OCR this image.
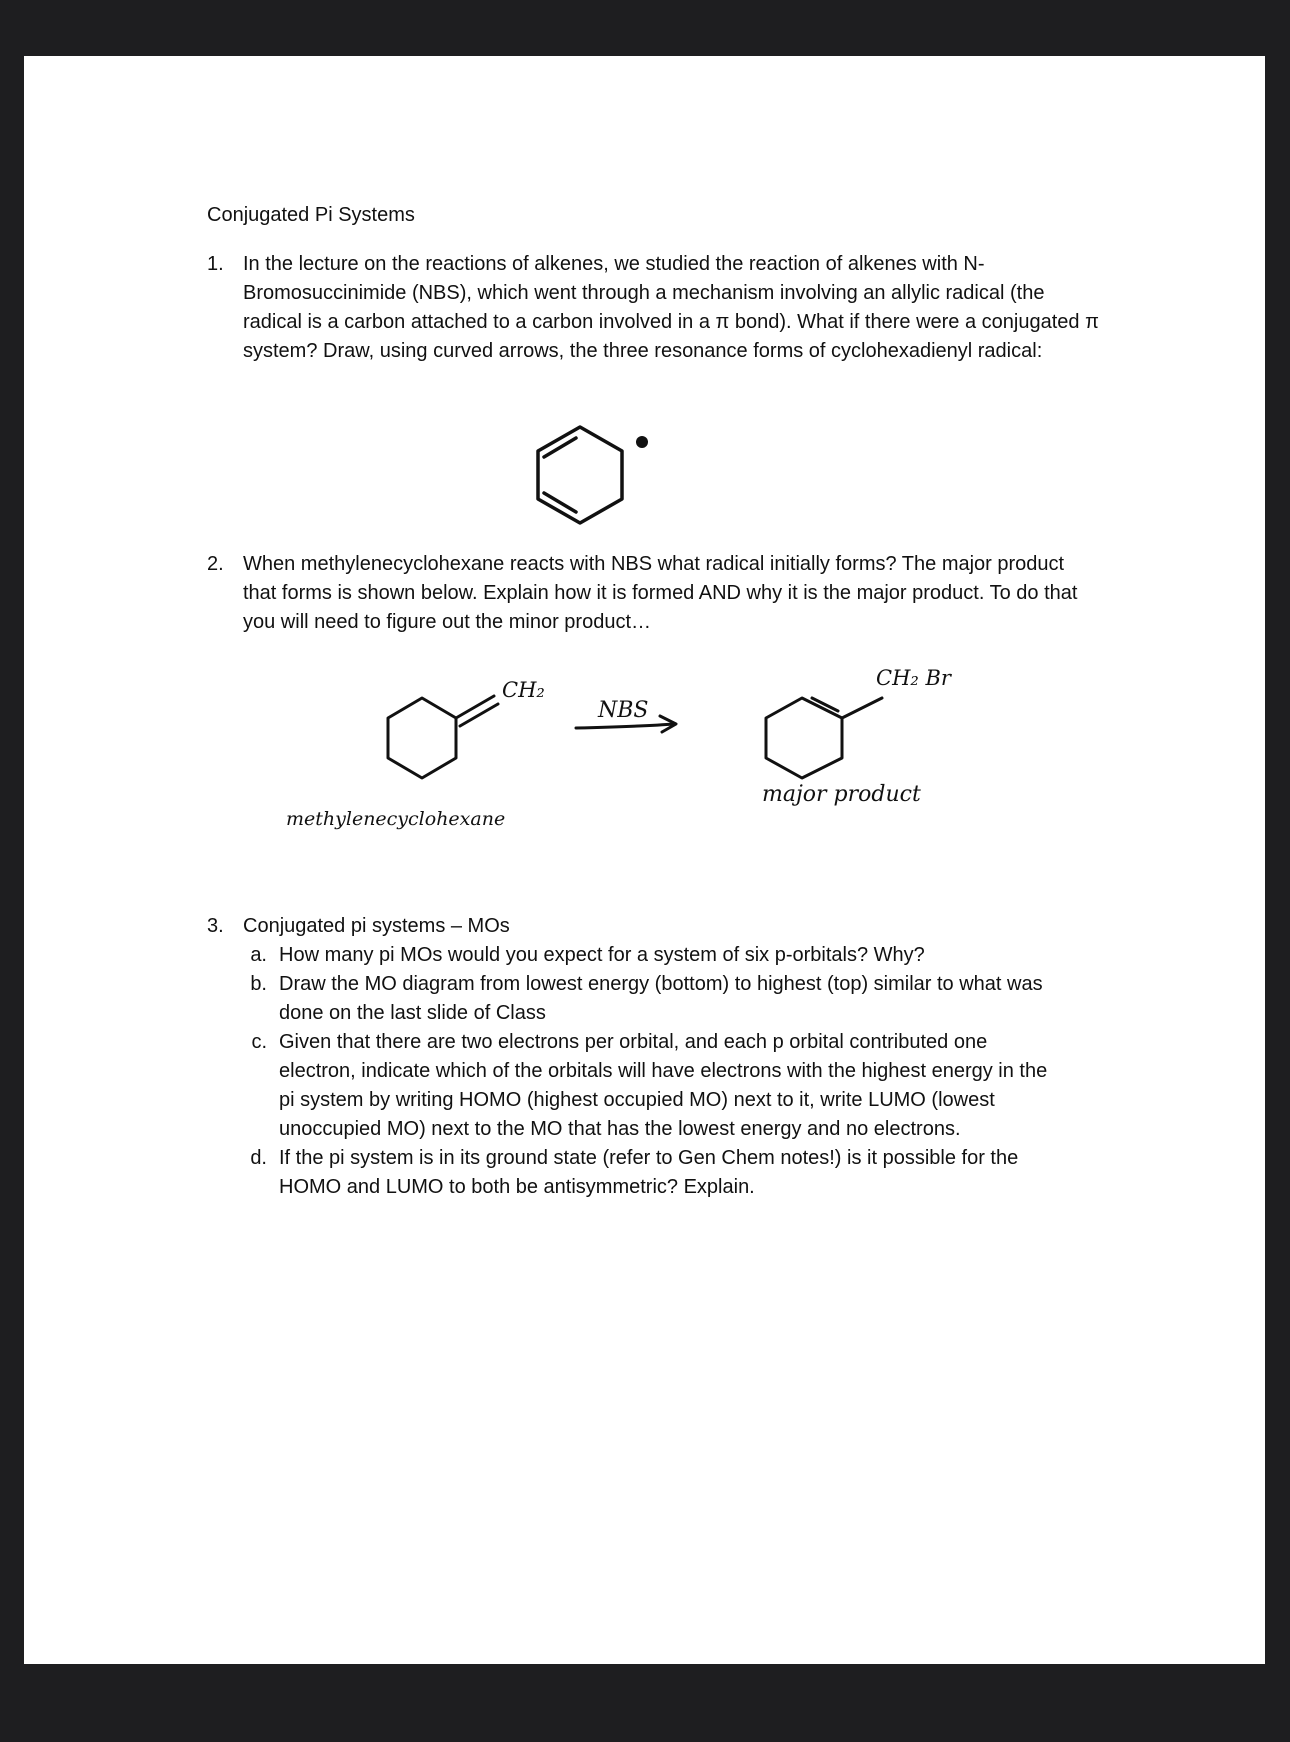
Conjugated Pi Systems
1. In the lecture on the reactions of alkenes, we studied the reaction of alkenes with N-
Bromosuccinimide (NBS), which went through a mechanism involving an allylic radical (the
radical is a carbon attached to a carbon involved in a π bond). What if there were a conjugated π
system? Draw, using curved arrows, the three resonance forms of cyclohexadienyl radical:
CH₂
NBS
CH₂ Br
methylenecyclohexane
major product
2. When methylenecyclohexane reacts with NBS what radical initially forms? The major product
that forms is shown below. Explain how it is formed AND why it is the major product. To do that
you will need to figure out the minor product…
3. Conjugated pi systems – MOs
a. How many pi MOs would you expect for a system of six p-orbitals? Why?
b. Draw the MO diagram from lowest energy (bottom) to highest (top) similar to what was
done on the last slide of Class
c. Given that there are two electrons per orbital, and each p orbital contributed one
electron, indicate which of the orbitals will have electrons with the highest energy in the
pi system by writing HOMO (highest occupied MO) next to it, write LUMO (lowest
unoccupied MO) next to the MO that has the lowest energy and no electrons.
d. If the pi system is in its ground state (refer to Gen Chem notes!) is it possible for the
HOMO and LUMO to both be antisymmetric? Explain.
